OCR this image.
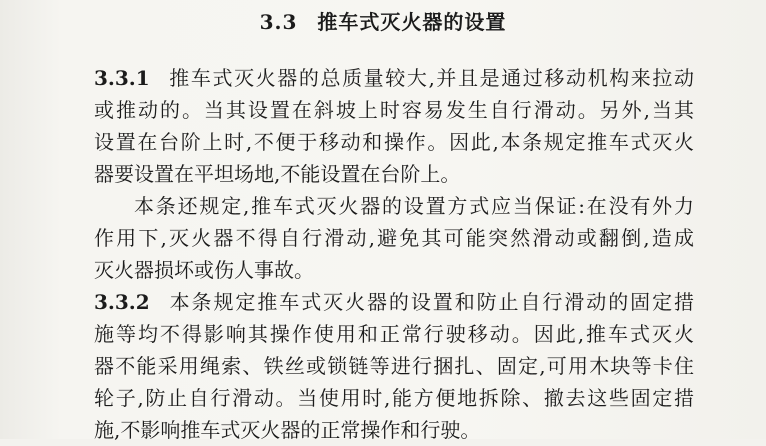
3.3 推车式灭火器的设置
3.3.1 推车式灭火器的总质量较大,并且是通过移动机构来拉动
或推动的。当其设置在斜坡上时容易发生自行滑动。另外,当其
设置在台阶上时,不便于移动和操作。因此,本条规定推车式灭火
器要设置在平坦场地,不能设置在台阶上。
本条还规定,推车式灭火器的设置方式应当保证:在没有外力
作用下,灭火器不得自行滑动,避免其可能突然滑动或翻倒,造成
灭火器损坏或伤人事故。
3.3.2 本条规定推车式灭火器的设置和防止自行滑动的固定措
施等均不得影响其操作使用和正常行驶移动。因此,推车式灭火
器不能采用绳索、铁丝或锁链等进行捆扎、固定,可用木块等卡住
轮子,防止自行滑动。当使用时,能方便地拆除、撤去这些固定措
施,不影响推车式灭火器的正常操作和行驶。
